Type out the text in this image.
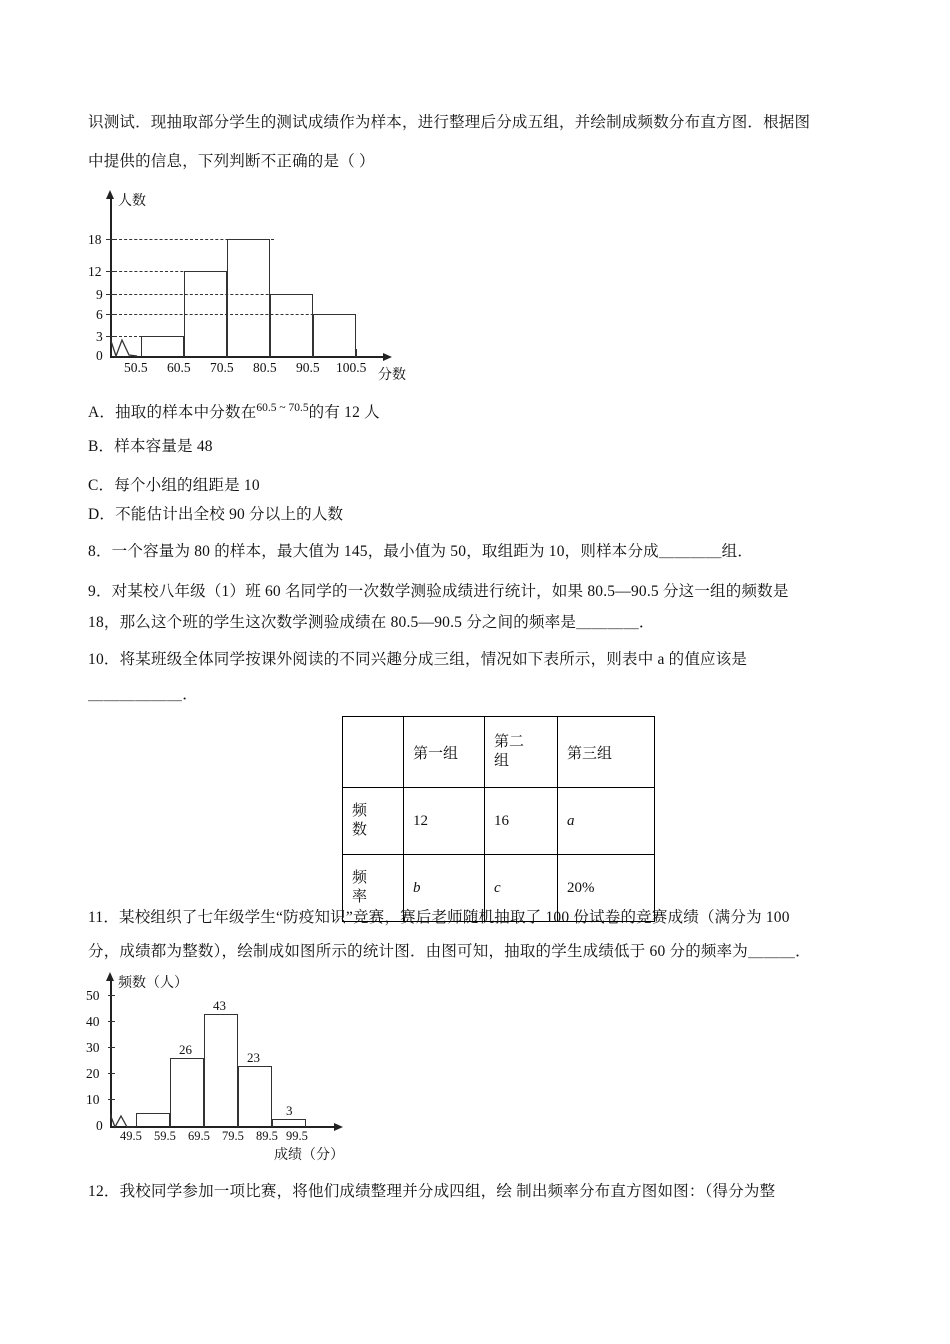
识测试．现抽取部分学生的测试成绩作为样本，进行整理后分成五组，并绘制成频数分布直方图．根据图
中提供的信息，下列判断不正确的是（ ）
人数
分数
18
12
9
6
3
0
50.5 60.5 70.5 80.5 90.5 100.5
A．抽取的样本中分数在$^{60.5 \sim 70.5}$的有 12 人
B．样本容量是 48
C．每个小组的组距是 10
D．不能估计出全校 90 分以上的人数
8．一个容量为 80 的样本，最大值为 145，最小值为 50，取组距为 10，则样本分成＿＿＿＿组．
9．对某校八年级（1）班 60 名同学的一次数学测验成绩进行统计，如果 80.5—90.5 分这一组的频数是
18，那么这个班的学生这次数学测验成绩在 80.5—90.5 分之间的频率是＿＿＿＿．
10．将某班级全体同学按课外阅读的不同兴趣分成三组，情况如下表所示，则表中 a 的值应该是
＿＿＿＿＿＿．
	第一组	第二
组	第三组

频
数	12	16	a

频
率	b	c	20%
11．某校组织了七年级学生“防疫知识”竞赛，赛后老师随机抽取了 100 份试卷的竞赛成绩（满分为 100
分，成绩都为整数），绘制成如图所示的统计图．由图可知，抽取的学生成绩低于 60 分的频率为＿＿＿．
频数（人）
成绩（分）
50
40
30
20
10
0
26
43
23
3
49.5 59.5 69.5 79.5 89.5 99.5
12．我校同学参加一项比赛，将他们成绩整理并分成四组，绘 制出频率分布直方图如图：（得分为整
